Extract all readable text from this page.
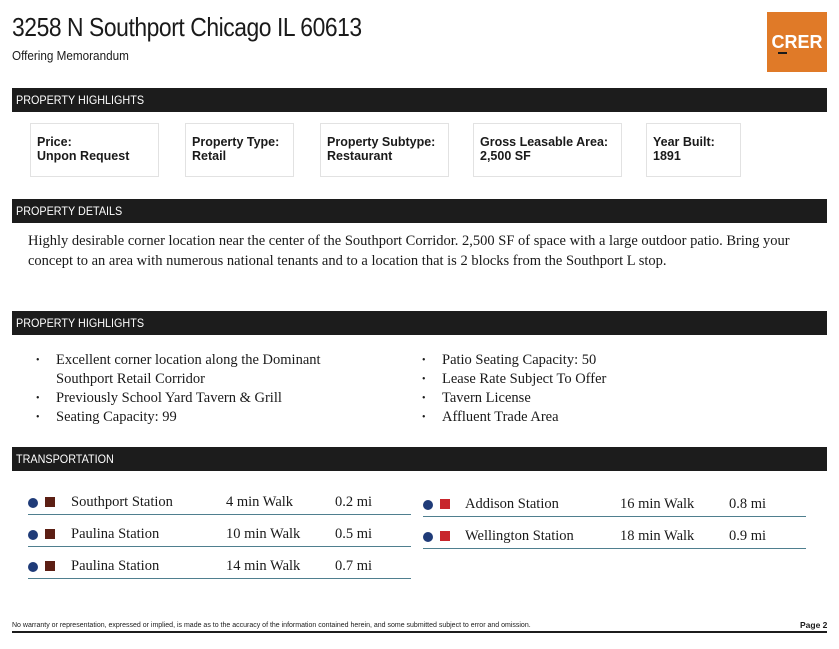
3258 N Southport Chicago IL 60613
Offering Memorandum
CRER
PROPERTY HIGHLIGHTS
Price:
Unpon Request
Property Type:
Retail
Property Subtype:
Restaurant
Gross Leasable Area:
2,500 SF
Year Built:
1891
PROPERTY DETAILS
Highly desirable corner location near the center of the Southport Corridor. 2,500 SF of space with a large outdoor patio. Bring your concept to an area with numerous national tenants and to a location that is 2 blocks from the Southport L stop.
PROPERTY HIGHLIGHTS
• Excellent corner location along the Dominant Southport Retail Corridor
• Previously School Yard Tavern & Grill
• Seating Capacity: 99
• Patio Seating Capacity: 50
• Lease Rate Subject To Offer
• Tavern License
• Affluent Trade Area
TRANSPORTATION
Southport Station	4 min Walk	0.2 mi
Paulina Station	10 min Walk 0.5 mi
Paulina Station	14 min Walk 0.7 mi
Addison Station	16 min Walk 0.8 mi
Wellington Station	18 min Walk 0.9 mi
No warranty or representation, expressed or implied, is made as to the accuracy of the information contained herein, and some submitted subject to error and omission.	Page 2
